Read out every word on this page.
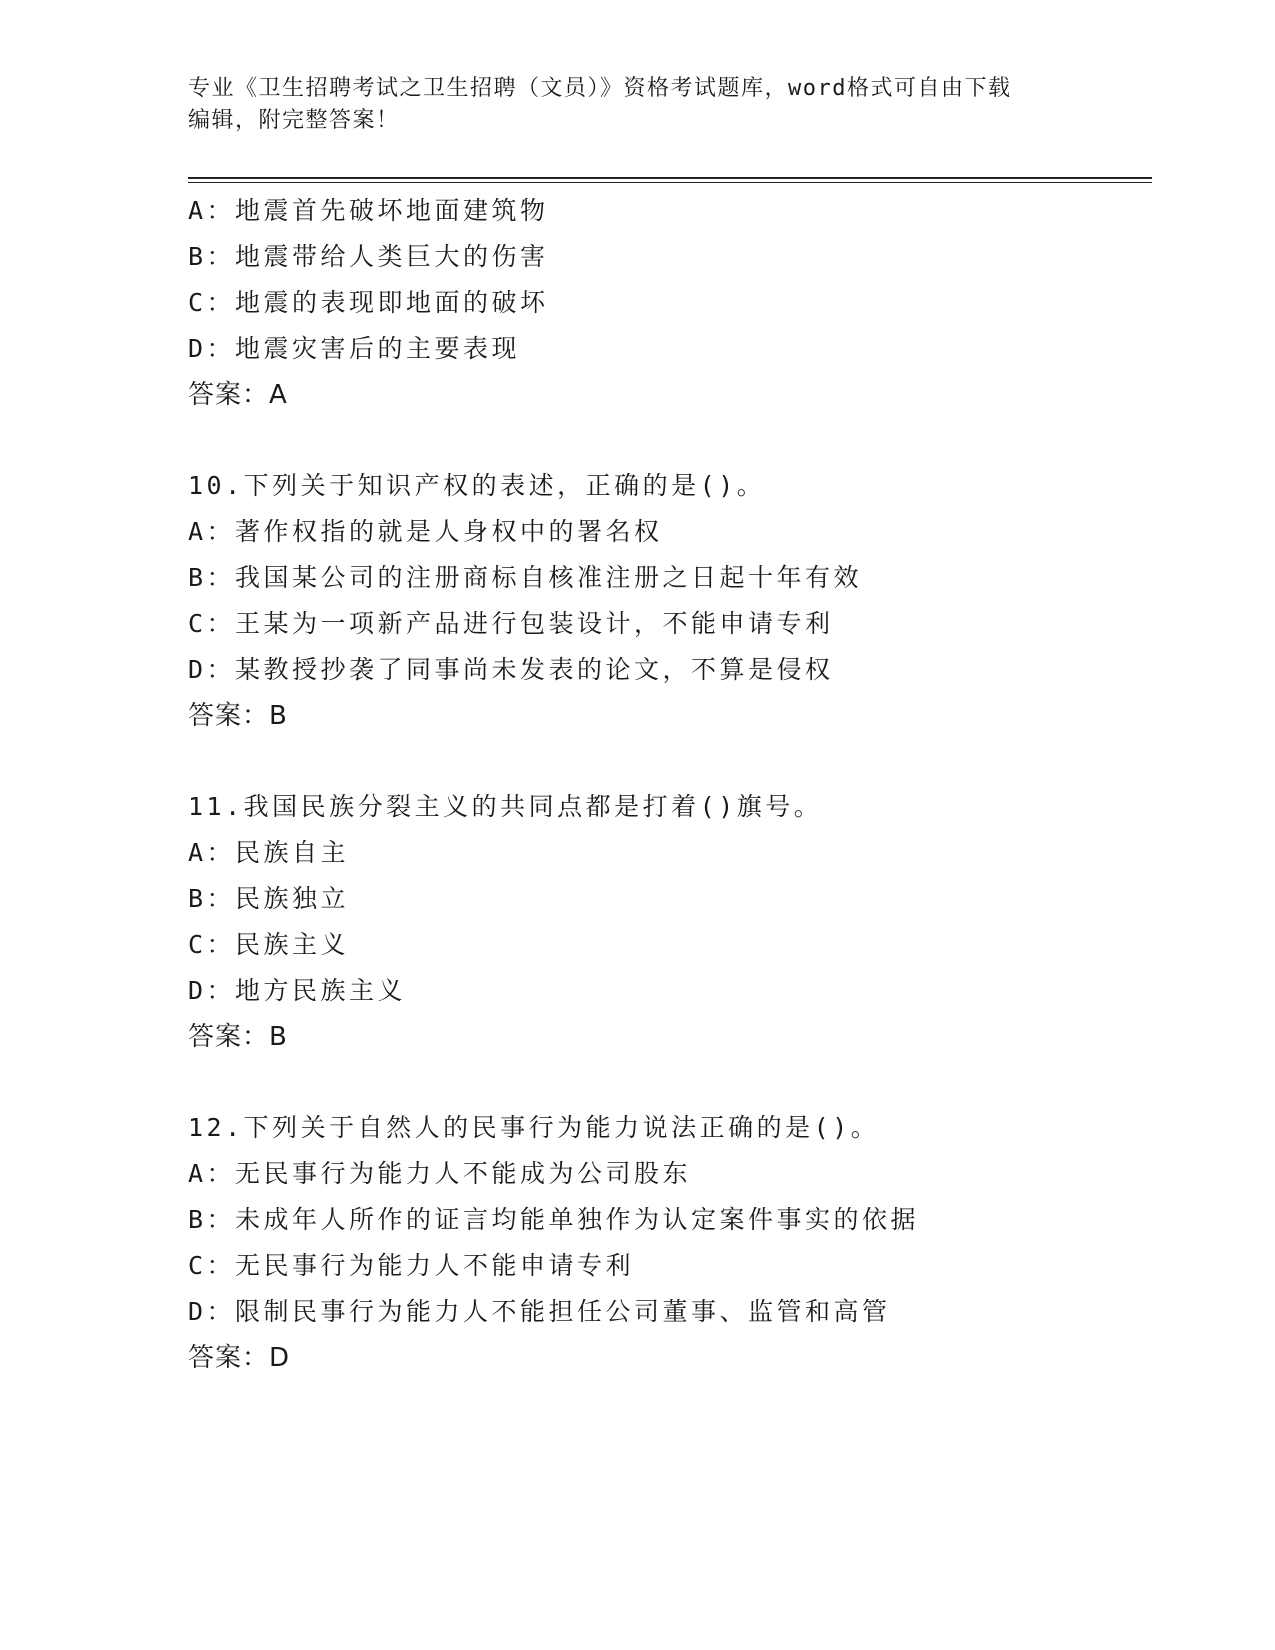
专业《卫生招聘考试之卫生招聘（文员）》资格考试题库，word格式可自由下载
编辑，附完整答案！
A：地震首先破坏地面建筑物
B：地震带给人类巨大的伤害
C：地震的表现即地面的破坏
D：地震灾害后的主要表现
答案：A
10.下列关于知识产权的表述，正确的是()。
A：著作权指的就是人身权中的署名权
B：我国某公司的注册商标自核准注册之日起十年有效
C：王某为一项新产品进行包装设计，不能申请专利
D：某教授抄袭了同事尚未发表的论文，不算是侵权
答案：B
11.我国民族分裂主义的共同点都是打着()旗号。
A：民族自主
B：民族独立
C：民族主义
D：地方民族主义
答案：B
12.下列关于自然人的民事行为能力说法正确的是()。
A：无民事行为能力人不能成为公司股东
B：未成年人所作的证言均能单独作为认定案件事实的依据
C：无民事行为能力人不能申请专利
D：限制民事行为能力人不能担任公司董事、监管和高管
答案：D
